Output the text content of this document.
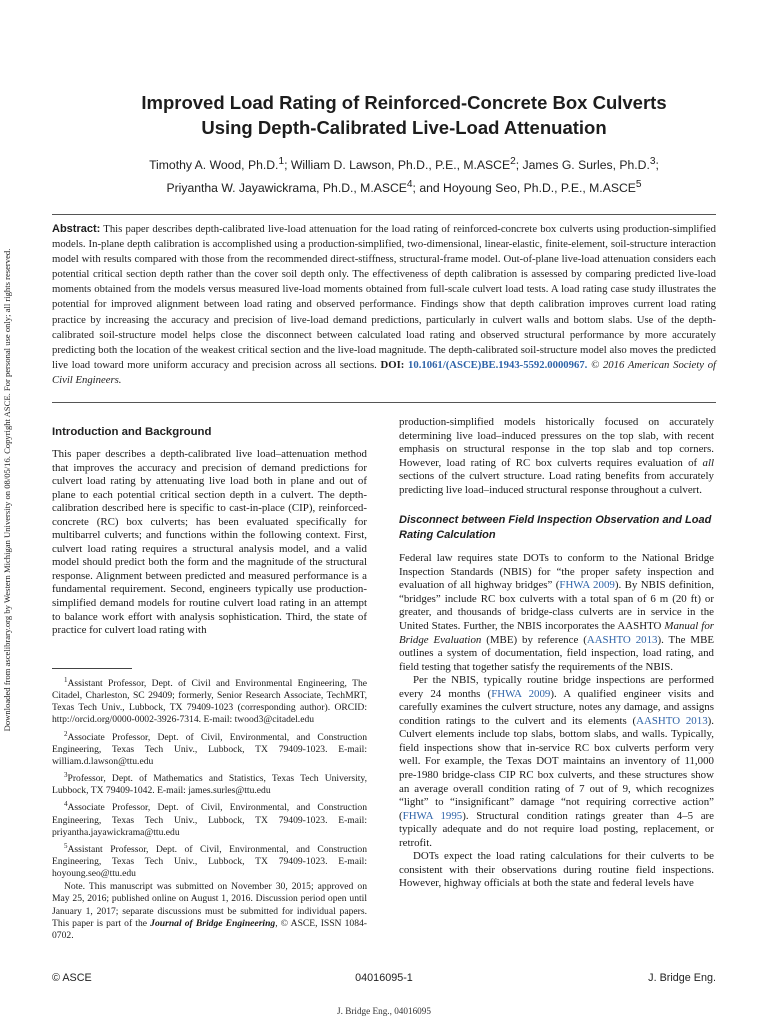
Downloaded from ascelibrary.org by Western Michigan University on 08/05/16. Copyright ASCE. For personal use only; all rights reserved.
Improved Load Rating of Reinforced-Concrete Box Culverts
Using Depth-Calibrated Live-Load Attenuation
Timothy A. Wood, Ph.D.$^1$; William D. Lawson, Ph.D., P.E., M.ASCE$^2$; James G. Surles, Ph.D.$^3$;
Priyantha W. Jayawickrama, Ph.D., M.ASCE$^4$; and Hoyoung Seo, Ph.D., P.E., M.ASCE$^5$
Abstract: This paper describes depth-calibrated live-load attenuation for the load rating of reinforced-concrete box culverts using production-simplified models. In-plane depth calibration is accomplished using a production-simplified, two-dimensional, linear-elastic, finite-element, soil-structure interaction model with results compared with those from the recommended direct-stiffness, structural-frame model. Out-of-plane live-load attenuation considers each potential critical section depth rather than the cover soil depth only. The effectiveness of depth calibration is assessed by comparing predicted live-load moments obtained from the models versus measured live-load moments obtained from full-scale culvert load tests. A load rating case study illustrates the potential for improved alignment between load rating and observed performance. Findings show that depth calibration improves current load rating practice by increasing the accuracy and precision of live-load demand predictions, particularly in culvert walls and bottom slabs. Use of the depth-calibrated soil-structure model helps close the disconnect between calculated load rating and observed structural performance by more accurately predicting both the location of the weakest critical section and the live-load magnitude. The depth-calibrated soil-structure model also moves the predicted live load toward more uniform accuracy and precision across all sections. DOI: 10.1061/(ASCE)BE.1943-5592.0000967. © 2016 American Society of Civil Engineers.
Introduction and Background

This paper describes a depth-calibrated live load–attenuation method that improves the accuracy and precision of demand predictions for culvert load rating by attenuating live load both in plane and out of plane to each potential critical section depth in a culvert. The depth-calibration described here is specific to cast-in-place (CIP), reinforced-concrete (RC) box culverts; has been evaluated specifically for multibarrel culverts; and functions within the following context. First, culvert load rating requires a structural analysis model, and a valid model should predict both the form and the magnitude of the structural response. Alignment between predicted and measured performance is a fundamental requirement. Second, engineers typically use production-simplified demand models for routine culvert load rating in an attempt to balance work effort with analysis sophistication. Third, the state of practice for culvert load rating with

$^1$Assistant Professor, Dept. of Civil and Environmental Engineering, The Citadel, Charleston, SC 29409; formerly, Senior Research Associate, TechMRT, Texas Tech Univ., Lubbock, TX 79409-1023 (corresponding author). ORCID: http://orcid.org/0000-0002-3926-7314. E-mail: twood3@citadel.edu

$^2$Associate Professor, Dept. of Civil, Environmental, and Construction Engineering, Texas Tech Univ., Lubbock, TX 79409-1023. E-mail: william.d.lawson@ttu.edu

$^3$Professor, Dept. of Mathematics and Statistics, Texas Tech University, Lubbock, TX 79409-1042. E-mail: james.surles@ttu.edu

$^4$Associate Professor, Dept. of Civil, Environmental, and Construction Engineering, Texas Tech Univ., Lubbock, TX 79409-1023. E-mail: priyantha.jayawickrama@ttu.edu

$^5$Assistant Professor, Dept. of Civil, Environmental, and Construction Engineering, Texas Tech Univ., Lubbock, TX 79409-1023. E-mail: hoyoung.seo@ttu.edu

Note. This manuscript was submitted on November 30, 2015; approved on May 25, 2016; published online on August 1, 2016. Discussion period open until January 1, 2017; separate discussions must be submitted for individual papers. This paper is part of the Journal of Bridge Engineering, © ASCE, ISSN 1084-0702.

production-simplified models historically focused on accurately determining live load–induced pressures on the top slab, with recent emphasis on structural response in the top slab and top corners. However, load rating of RC box culverts requires evaluation of all sections of the culvert structure. Load rating benefits from accurately predicting live load–induced structural response throughout a culvert.

Disconnect between Field Inspection Observation and Load Rating Calculation

Federal law requires state DOTs to conform to the National Bridge Inspection Standards (NBIS) for “the proper safety inspection and evaluation of all highway bridges” (FHWA 2009). By NBIS definition, “bridges” include RC box culverts with a total span of 6 m (20 ft) or greater, and thousands of bridge-class culverts are in service in the United States. Further, the NBIS incorporates the AASHTO Manual for Bridge Evaluation (MBE) by reference (AASHTO 2013). The MBE outlines a system of documentation, field inspection, load rating, and field testing that together satisfy the requirements of the NBIS.

Per the NBIS, typically routine bridge inspections are performed every 24 months (FHWA 2009). A qualified engineer visits and carefully examines the culvert structure, notes any damage, and assigns condition ratings to the culvert and its elements (AASHTO 2013). Culvert elements include top slabs, bottom slabs, and walls. Typically, field inspections show that in-service RC box culverts perform very well. For example, the Texas DOT maintains an inventory of 11,000 pre-1980 bridge-class CIP RC box culverts, and these structures show an average overall condition rating of 7 out of 9, which recognizes “light” to “insignificant” damage “not requiring corrective action” (FHWA 1995). Structural condition ratings greater than 4–5 are typically adequate and do not require load posting, replacement, or retrofit.

DOTs expect the load rating calculations for their culverts to be consistent with their observations during routine field inspections. However, highway officials at both the state and federal levels have

© ASCE	04016095-1	J. Bridge Eng.
J. Bridge Eng., 04016095
